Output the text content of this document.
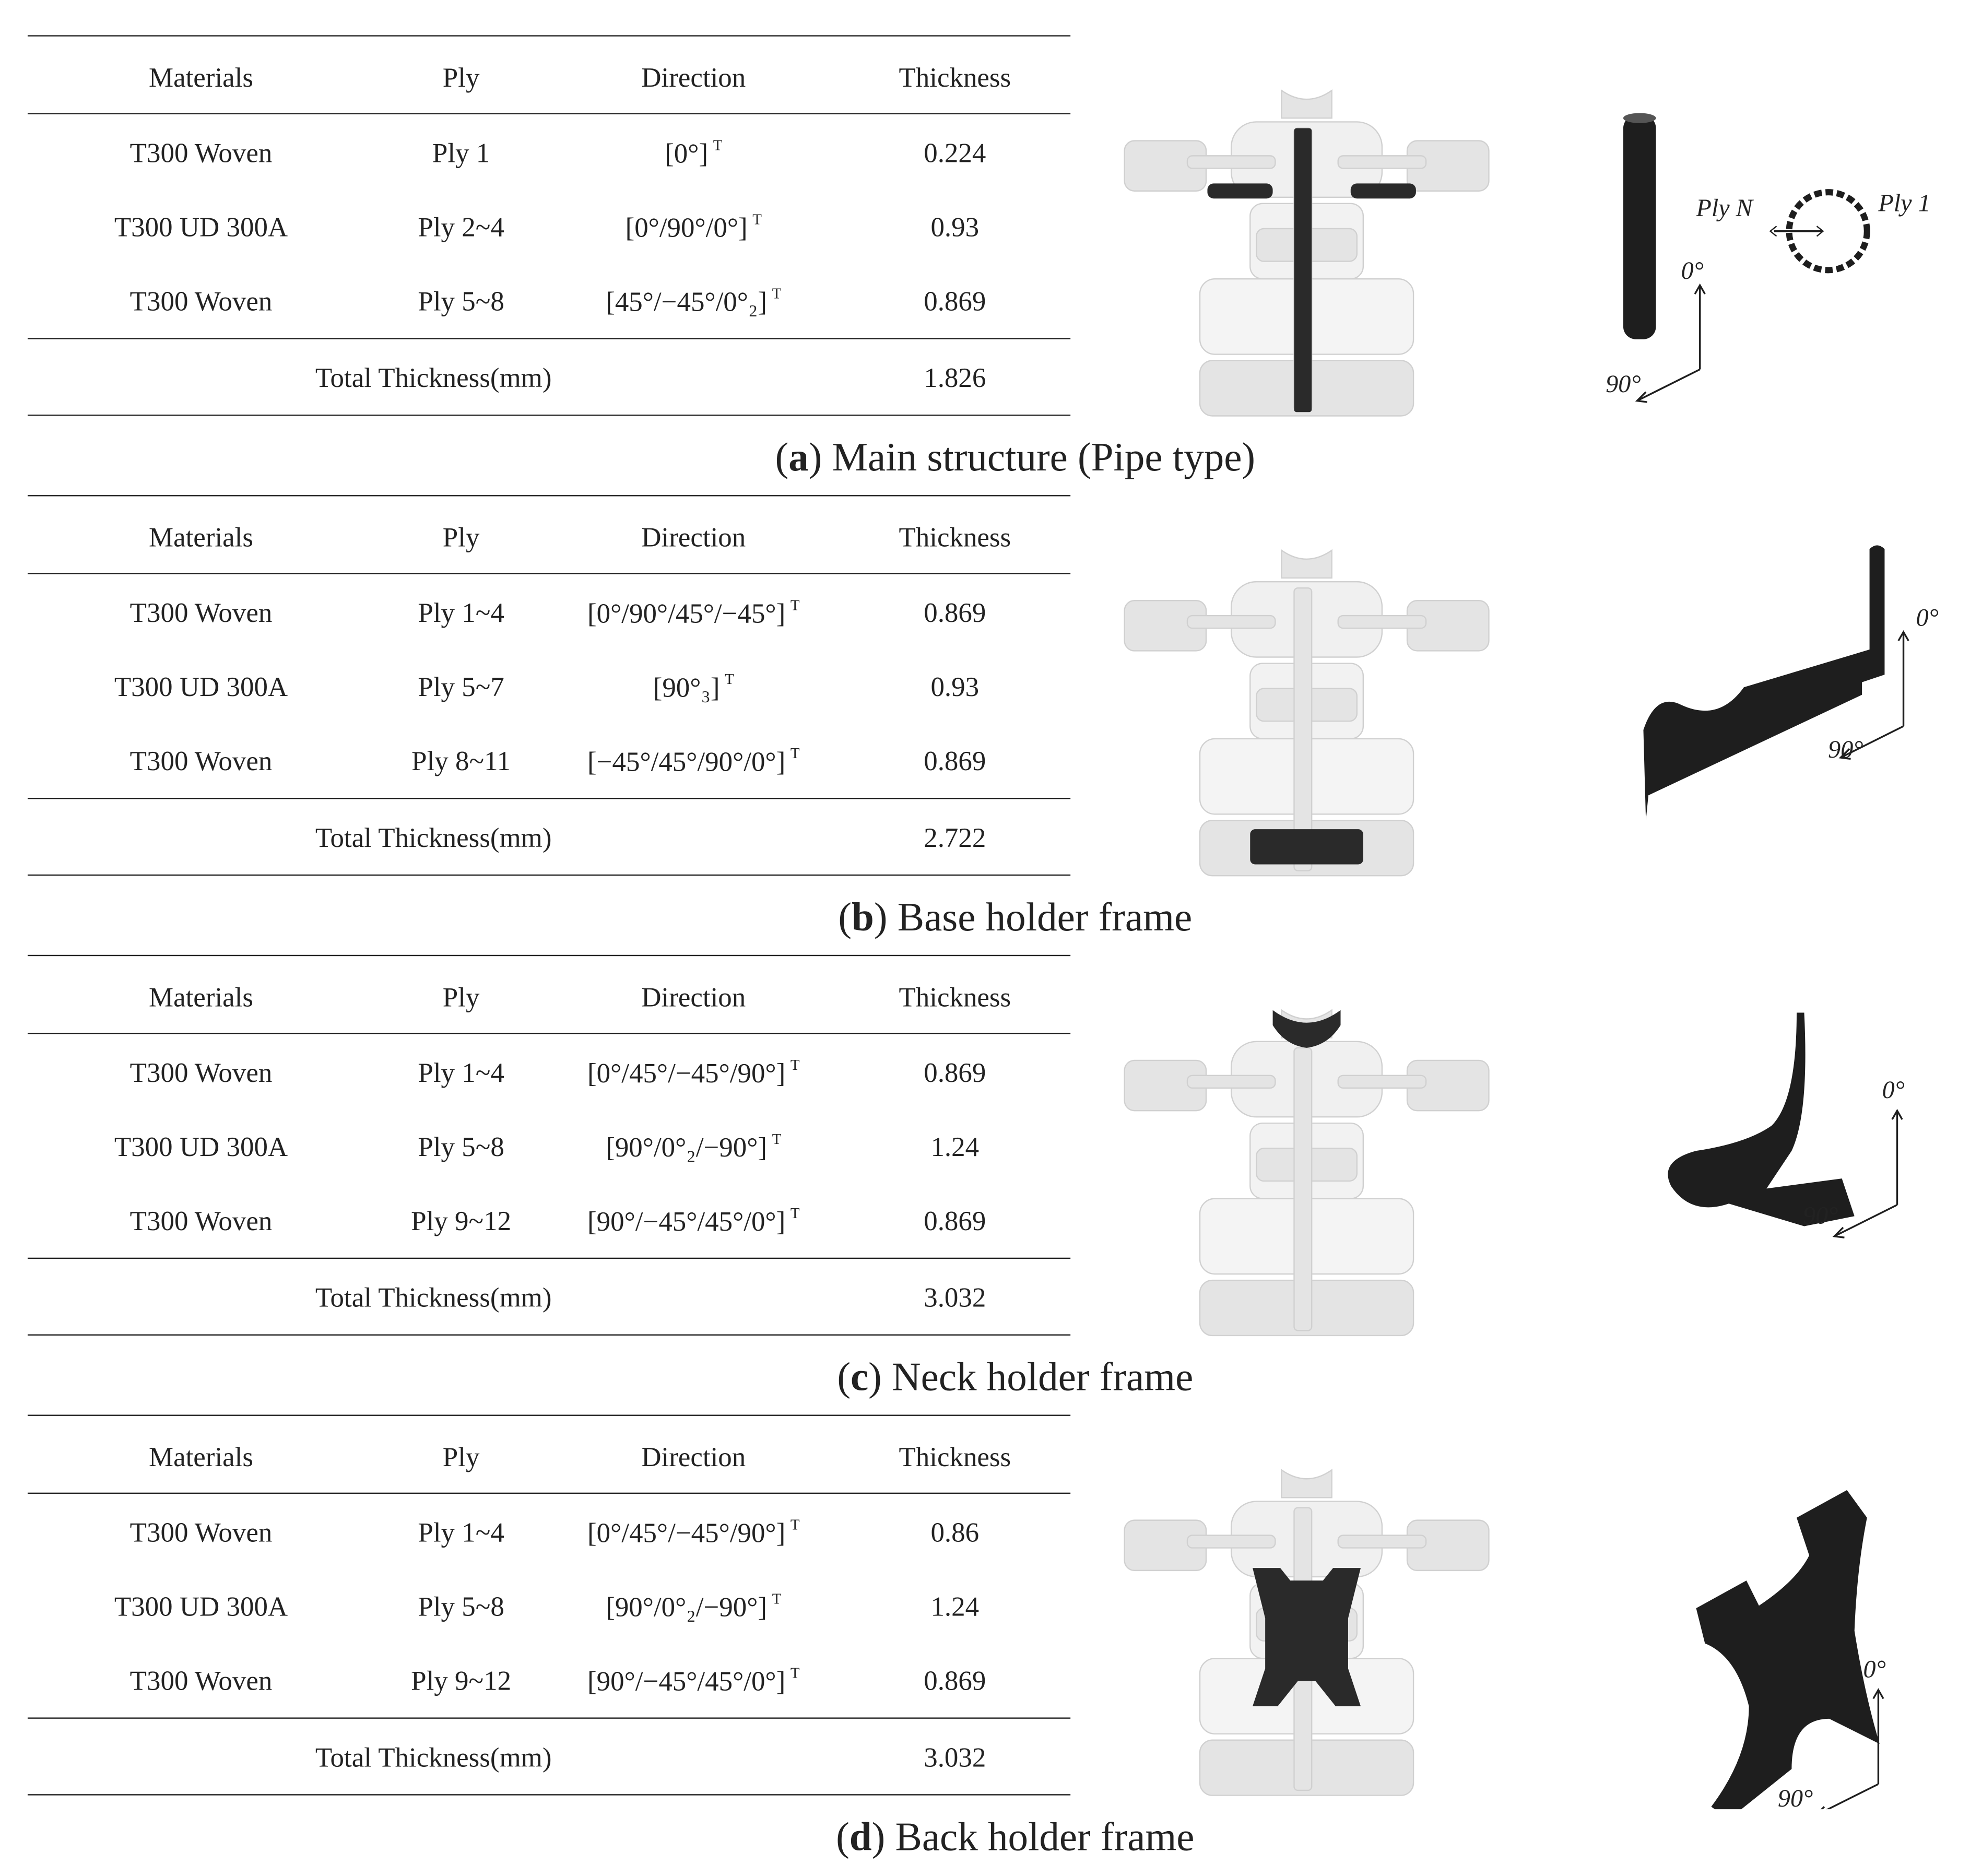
Materials	Ply	Direction	Thickness
T300 Woven	Ply 1	[0°] $^T$	0.224
T300 UD 300A	Ply 2~4	[0°/90°/0°] $^T$	0.93
T300 Woven	Ply 5~8	[45°/−45°/0°₂] $^T$	0.869
Total Thickness(mm)	1.826
(a) Main structure (Pipe type)
Ply N	Ply 1
0°
90°
Materials	Ply	Direction	Thickness
T300 Woven	Ply 1~4	[0°/90°/45°/−45°] $^T$	0.869
T300 UD 300A	Ply 5~7	[90°₃] $^T$	0.93
T300 Woven	Ply 8~11	[−45°/45°/90°/0°] $^T$	0.869
Total Thickness(mm)	2.722
(b) Base holder frame
0°
90°
Materials	Ply	Direction	Thickness
T300 Woven	Ply 1~4	[0°/45°/−45°/90°] $^T$	0.869
T300 UD 300A	Ply 5~8	[90°/0°₂/−90°] $^T$	1.24
T300 Woven	Ply 9~12	[90°/−45°/45°/0°] $^T$	0.869
Total Thickness(mm)	3.032
(c) Neck holder frame
0°
90°
Materials	Ply	Direction	Thickness
T300 Woven	Ply 1~4	[0°/45°/−45°/90°] $^T$	0.86
T300 UD 300A	Ply 5~8	[90°/0°₂/−90°] $^T$	1.24
T300 Woven	Ply 9~12	[90°/−45°/45°/0°] $^T$	0.869
Total Thickness(mm)	3.032
(d) Back holder frame
0°
90°
